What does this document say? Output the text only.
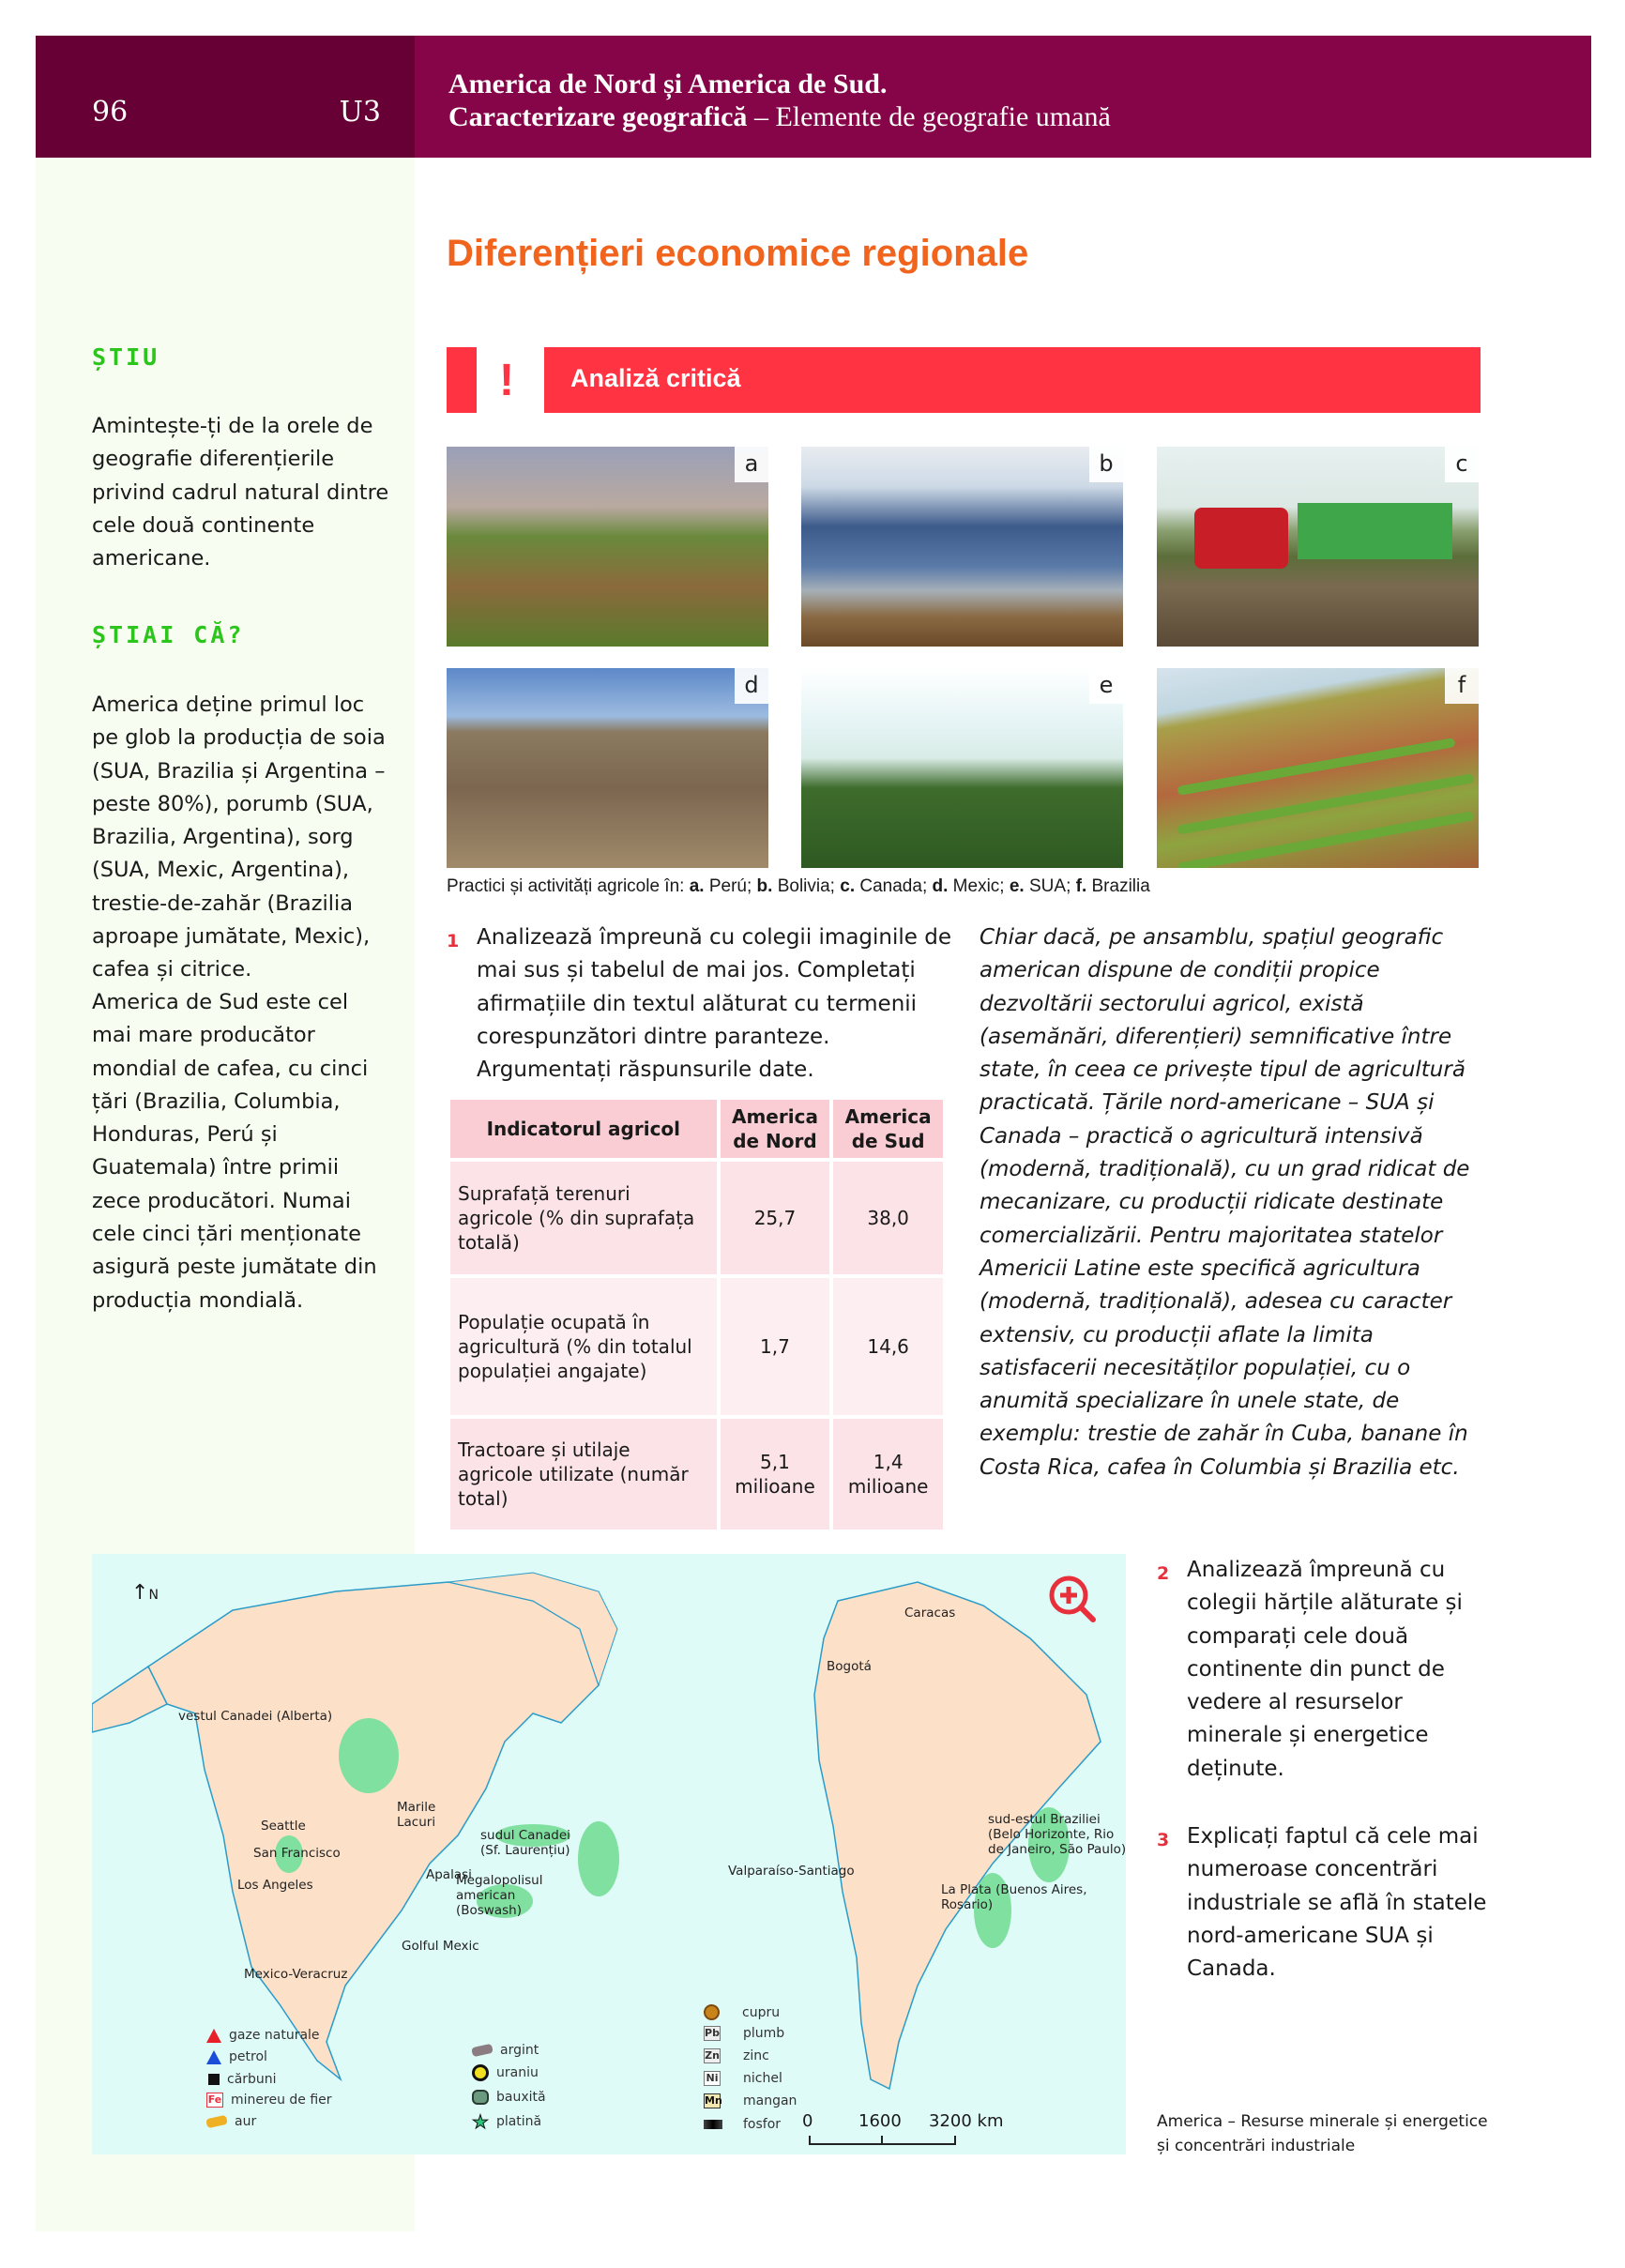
96	U3
America de Nord și America de Sud.
Caracterizare geografică – Elemente de geografie umană
Diferențieri economice regionale
ȘTIU

Amintește-ți de la orele de geografie diferențierile privind cadrul natural dintre cele două continente americane.

ȘTIAI CĂ?

America deține primul loc pe glob la producția de soia (SUA, Brazilia și Argentina – peste 80%), porumb (SUA, Brazilia, Argentina), sorg (SUA, Mexic, Argentina), trestie-de-zahăr (Brazilia aproape jumătate, Mexic), cafea și citrice.

America de Sud este cel mai mare producător mondial de cafea, cu cinci țări (Brazilia, Columbia, Honduras, Perú și Guatemala) între primii zece producători. Numai cele cinci țări menționate asigură peste jumătate din producția mondială.

! Analiză critică
a	b	c
d	e	f
Practici și activități agricole în: a. Perú; b. Bolivia; c. Canada; d. Mexic; e. SUA; f. Brazilia
1 Analizează împreună cu colegii imaginile de mai sus și tabelul de mai jos. Completați afirmațiile din textul alăturat cu termenii corespunzători dintre paranteze. Argumentați răspunsurile date.
Indicatorul agricol	America de Nord	America de Sud
Suprafață terenuri agricole (% din suprafața totală)	25,7	38,0
Populație ocupată în agricultură (% din totalul populației angajate)	1,7	14,6
Tractoare și utilaje agricole utilizate (număr total)	5,1 milioane	1,4 milioane

Chiar dacă, pe ansamblu, spațiul geografic american dispune de condiții propice dezvoltării sectorului agricol, există (asemănări, diferențieri) semnificative între state, în ceea ce privește tipul de agricultură practicată. Țările nord-americane – SUA și Canada – practică o agricultură intensivă (modernă, tradițională), cu un grad ridicat de mecanizare, cu producții ridicate destinate comercializării. Pentru majoritatea statelor Americii Latine este specifică agricultura (modernă, tradițională), adesea cu caracter extensiv, cu producții aflate la limita satisfacerii necesităților populației, cu o anumită specializare în unele state, de exemplu: trestie de zahăr în Cuba, banane în Costa Rica, cafea în Columbia și Brazilia etc.

vestul Canadei (Alberta)
Seattle
Marile Lacuri
San Francisco
Los Angeles
Apalași
sudul Canadei (Sf. Laurențiu)
Megalopolisul american (Boswash)
Golful Mexic
Mexico-Veracruz
Caracas
Bogotá
Valparaíso-Santiago
sud-estul Braziliei (Belo Horizonte, Rio de Janeiro, São Paulo)
La Plata (Buenos Aires, Rosario)
gaze naturale
petrol
cărbuni
Fe minereu de fier
aur
argint
uraniu
bauxită
★ platină
cupru
Pb plumb
Zn zinc
Ni nichel
Mn mangan
fosfor
↑N
0	1600 3200 km
2 Analizează împreună cu colegii hărțile alăturate și comparați cele două continente din punct de vedere al resurselor minerale și energetice deținute.
3 Explicați faptul că cele mai numeroase concentrări industriale se află în statele nord-americane SUA și Canada.

America – Resurse minerale și energetice și concentrări industriale
